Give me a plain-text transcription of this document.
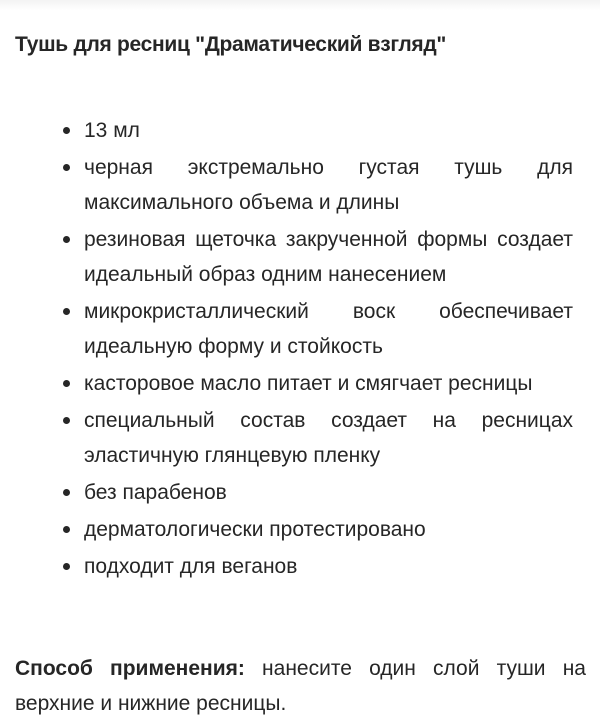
Тушь для ресниц "Драматический взгляд"
13 мл
черная экстремально густая тушь для максимального объема и длины
резиновая щеточка закрученной формы создает идеальный образ одним нанесением
микрокристаллический воск обеспечивает идеальную форму и стойкость
касторовое масло питает и смягчает ресницы
специальный состав создает на ресницах эластичную глянцевую пленку
без парабенов
дерматологически протестировано
подходит для веганов

Способ применения: нанесите один слой туши на верхние и нижние ресницы.
